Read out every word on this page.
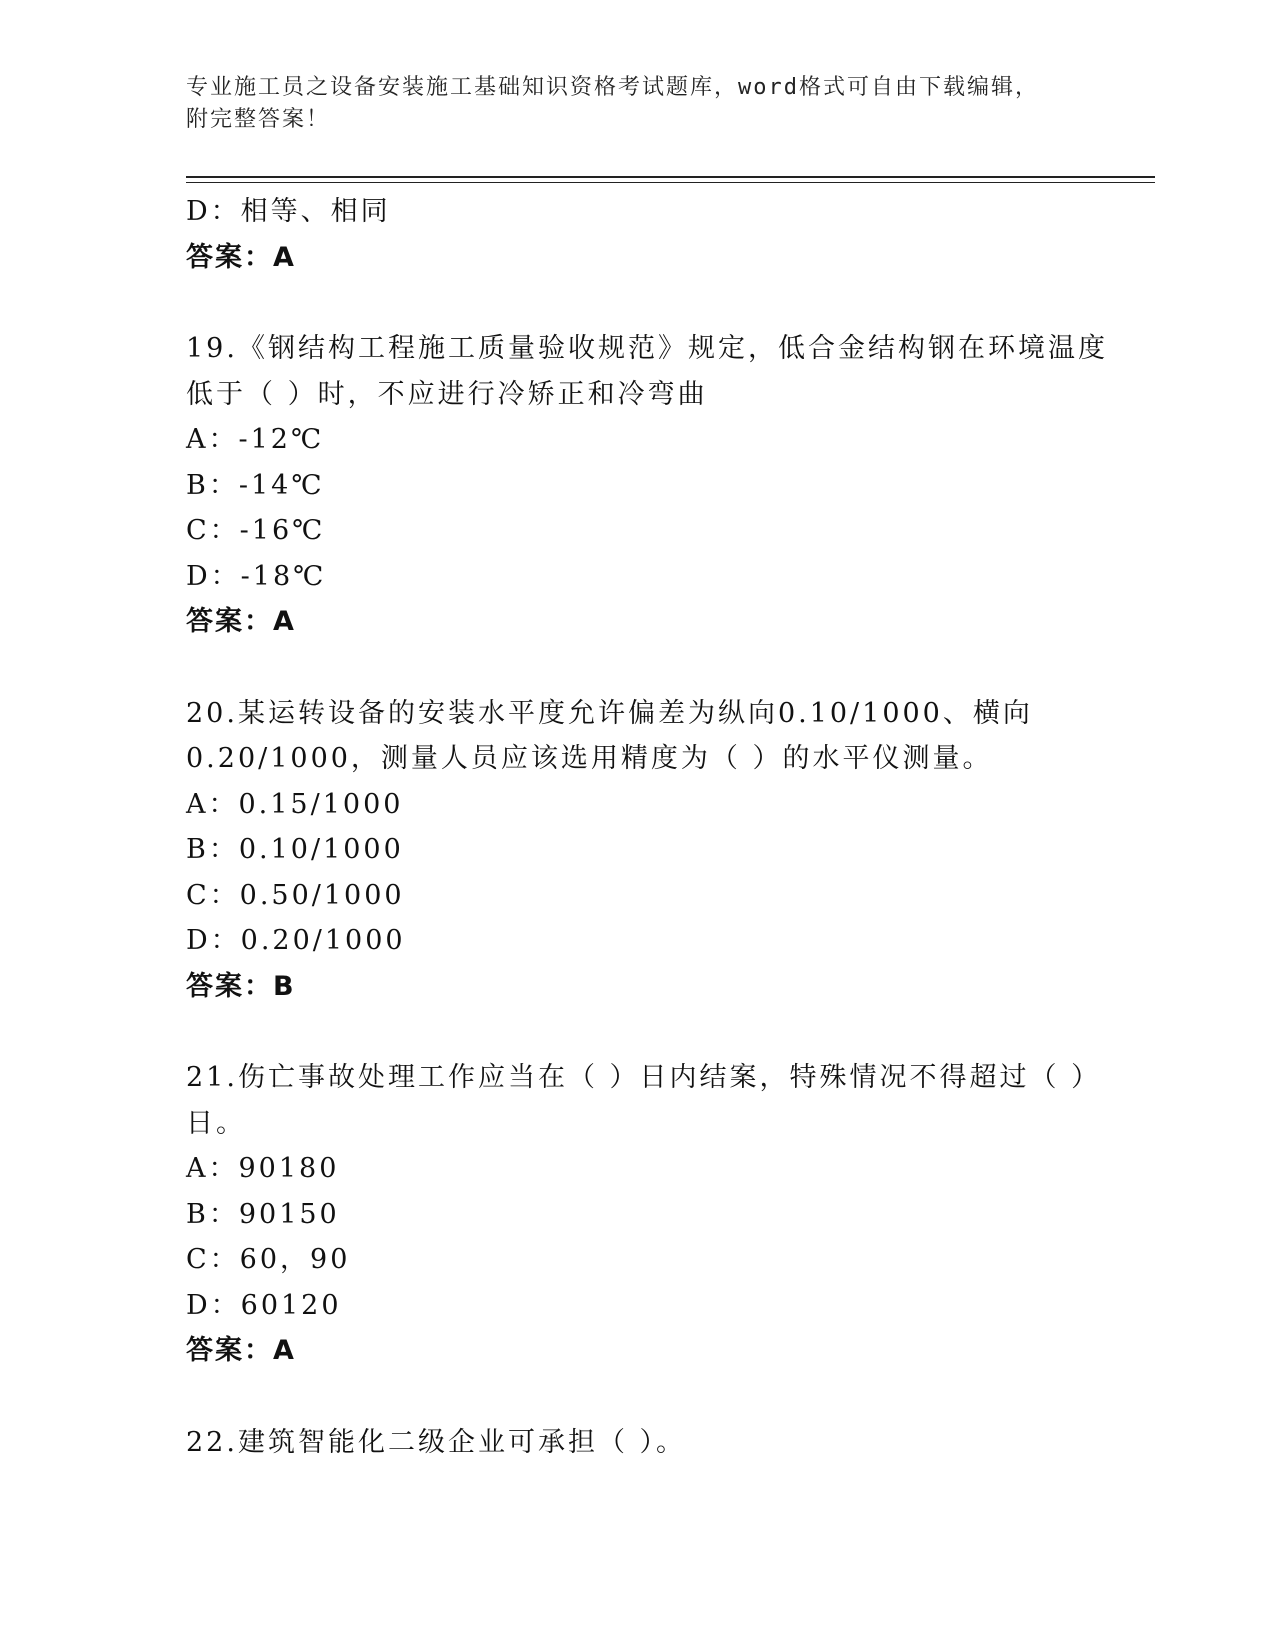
专业施工员之设备安装施工基础知识资格考试题库，word格式可自由下载编辑，
附完整答案！
D：相等、相同
答案：A
19.《钢结构工程施工质量验收规范》规定，低合金结构钢在环境温度
低于（ ）时，不应进行冷矫正和冷弯曲
A：-12℃
B：-14℃
C：-16℃
D：-18℃
答案：A
20.某运转设备的安装水平度允许偏差为纵向0.10/1000、横向
0.20/1000，测量人员应该选用精度为（ ）的水平仪测量。
A：0.15/1000
B：0.10/1000
C：0.50/1000
D：0.20/1000
答案：B
21.伤亡事故处理工作应当在（ ）日内结案，特殊情况不得超过（ ）
日。
A：90180
B：90150
C：60，90
D：60120
答案：A
22.建筑智能化二级企业可承担（ ）。
